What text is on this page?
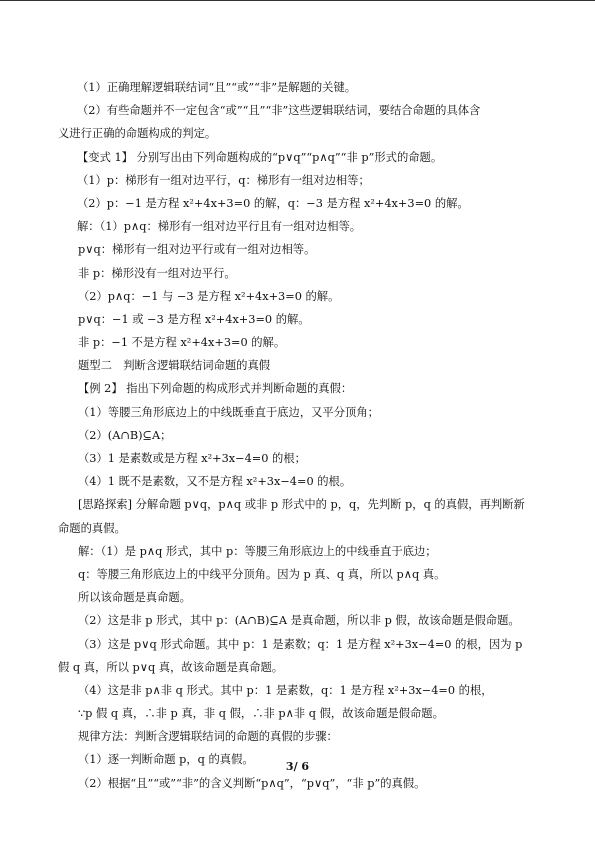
（1）正确理解逻辑联结词“且”“或”“非”是解题的关键。
（2）有些命题并不一定包含“或”“且”“非”这些逻辑联结词，要结合命题的具体含
义进行正确的命题构成的判定。
【变式 1】 分别写出由下列命题构成的“p∨q”“p∧q”“非 p”形式的命题。
（1）p：梯形有一组对边平行，q：梯形有一组对边相等；
（2）p：−1 是方程 x²+4x+3=0 的解，q：−3 是方程 x²+4x+3=0 的解。
解：（1）p∧q：梯形有一组对边平行且有一组对边相等。
p∨q：梯形有一组对边平行或有一组对边相等。
非 p：梯形没有一组对边平行。
（2）p∧q：−1 与 −3 是方程 x²+4x+3=0 的解。
p∨q：−1 或 −3 是方程 x²+4x+3=0 的解。
非 p：−1 不是方程 x²+4x+3=0 的解。
题型二　判断含逻辑联结词命题的真假
【例 2】 指出下列命题的构成形式并判断命题的真假：
（1）等腰三角形底边上的中线既垂直于底边，又平分顶角；
（2）(A∩B)⊆A；
（3）1 是素数或是方程 x²+3x−4=0 的根；
（4）1 既不是素数，又不是方程 x²+3x−4=0 的根。
[思路探索] 分解命题 p∨q，p∧q 或非 p 形式中的 p，q，先判断 p，q 的真假，再判断新
命题的真假。
解：（1）是 p∧q 形式，其中 p：等腰三角形底边上的中线垂直于底边；
q：等腰三角形底边上的中线平分顶角。因为 p 真、q 真，所以 p∧q 真。
所以该命题是真命题。
（2）这是非 p 形式，其中 p：(A∩B)⊆A 是真命题，所以非 p 假，故该命题是假命题。
（3）这是 p∨q 形式命题。其中 p：1 是素数；q：1 是方程 x²+3x−4=0 的根，因为 p
假 q 真，所以 p∨q 真，故该命题是真命题。
（4）这是非 p∧非 q 形式。其中 p：1 是素数，q：1 是方程 x²+3x−4=0 的根，
∵p 假 q 真，∴非 p 真，非 q 假，∴非 p∧非 q 假，故该命题是假命题。
规律方法：判断含逻辑联结词的命题的真假的步骤：
（1）逐一判断命题 p，q 的真假。
（2）根据“且”“或”“非”的含义判断“p∧q”，“p∨q”，“非 p”的真假。
3/ 6
